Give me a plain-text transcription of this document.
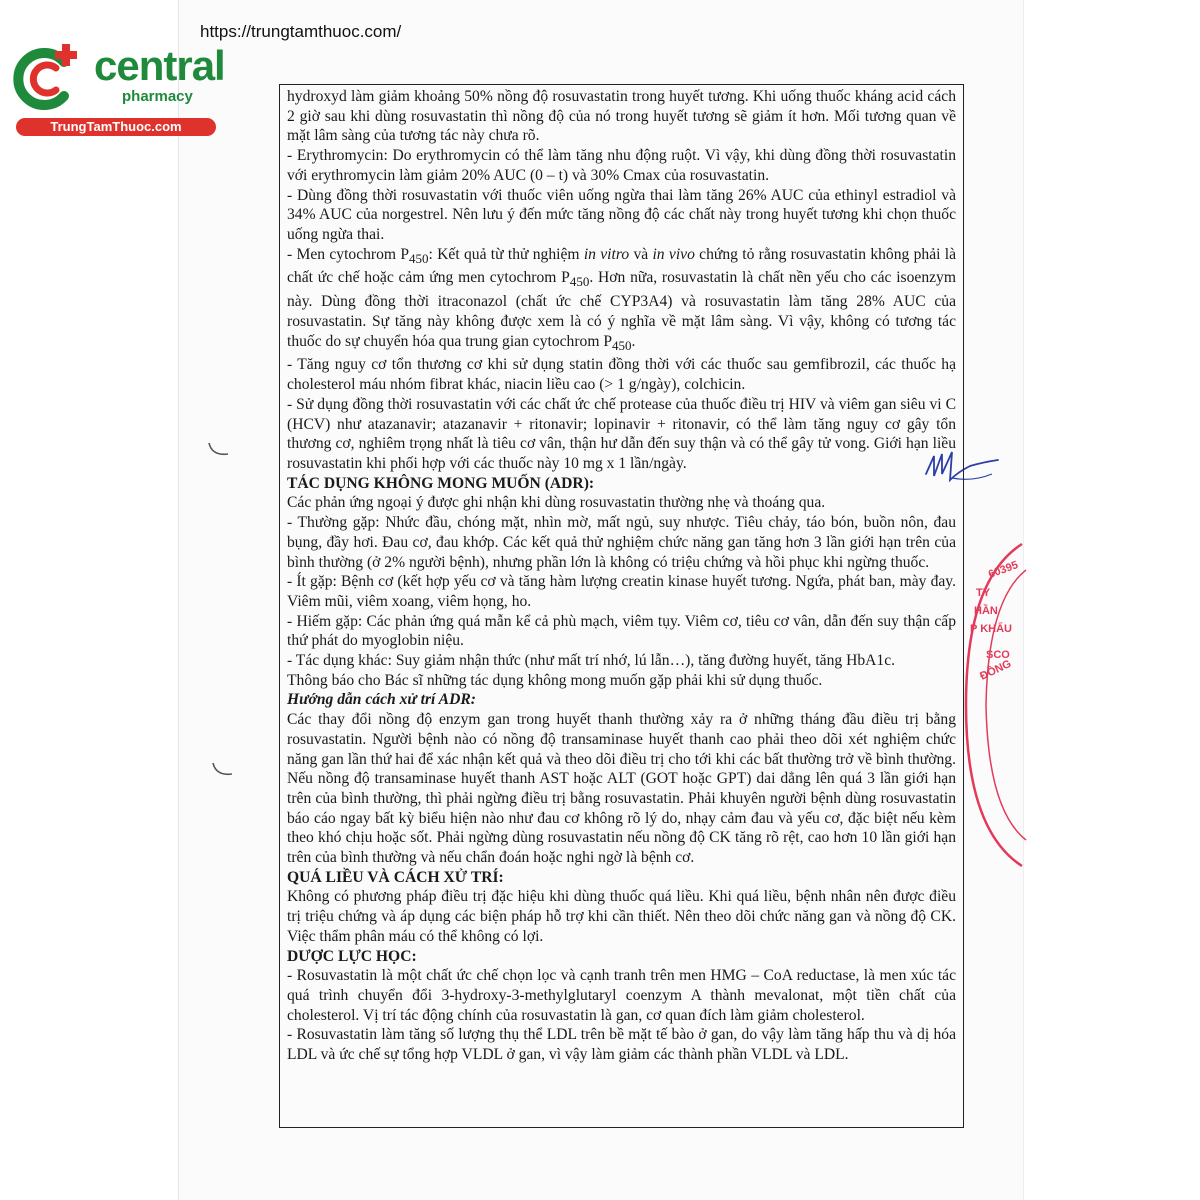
central
pharmacy
TrungTamThuoc.com
https://trungtamthuoc.com/
60395
TY
HẦN
P KHẨU
SCO
ĐỒNG

hydroxyd làm giảm khoảng 50% nồng độ rosuvastatin trong huyết tương. Khi uống thuốc kháng acid cách 2 giờ sau khi dùng rosuvastatin thì nồng độ của nó trong huyết tương sẽ giảm ít hơn. Mối tương quan về mặt lâm sàng của tương tác này chưa rõ.

- Erythromycin: Do erythromycin có thể làm tăng nhu động ruột. Vì vậy, khi dùng đồng thời rosuvastatin với erythromycin làm giảm 20% AUC (0 – t) và 30% Cmax của rosuvastatin.

- Dùng đồng thời rosuvastatin với thuốc viên uống ngừa thai làm tăng 26% AUC của ethinyl estradiol và 34% AUC của norgestrel. Nên lưu ý đến mức tăng nồng độ các chất này trong huyết tương khi chọn thuốc uống ngừa thai.

- Men cytochrom $P_{450}$: Kết quả từ thử nghiệm in vitro và in vivo chứng tỏ rằng rosuvastatin không phải là chất ức chế hoặc cảm ứng men cytochrom $P_{450}$. Hơn nữa, rosuvastatin là chất nền yếu cho các isoenzym này. Dùng đồng thời itraconazol (chất ức chế CYP3A4) và rosuvastatin làm tăng 28% AUC của rosuvastatin. Sự tăng này không được xem là có ý nghĩa về mặt lâm sàng. Vì vậy, không có tương tác thuốc do sự chuyển hóa qua trung gian cytochrom $P_{450}$.

- Tăng nguy cơ tổn thương cơ khi sử dụng statin đồng thời với các thuốc sau gemfibrozil, các thuốc hạ cholesterol máu nhóm fibrat khác, niacin liều cao (> 1 g/ngày), colchicin.

- Sử dụng đồng thời rosuvastatin với các chất ức chế protease của thuốc điều trị HIV và viêm gan siêu vi C (HCV) như atazanavir; atazanavir + ritonavir; lopinavir + ritonavir, có thể làm tăng nguy cơ gây tổn thương cơ, nghiêm trọng nhất là tiêu cơ vân, thận hư dẫn đến suy thận và có thể gây tử vong. Giới hạn liều rosuvastatin khi phối hợp với các thuốc này 10 mg x 1 lần/ngày.

TÁC DỤNG KHÔNG MONG MUỐN (ADR):

Các phản ứng ngoại ý được ghi nhận khi dùng rosuvastatin thường nhẹ và thoáng qua.

- Thường gặp: Nhức đầu, chóng mặt, nhìn mờ, mất ngủ, suy nhược. Tiêu chảy, táo bón, buồn nôn, đau bụng, đầy hơi. Đau cơ, đau khớp. Các kết quả thử nghiệm chức năng gan tăng hơn 3 lần giới hạn trên của bình thường (ở 2% người bệnh), nhưng phần lớn là không có triệu chứng và hồi phục khi ngừng thuốc.

- Ít gặp: Bệnh cơ (kết hợp yếu cơ và tăng hàm lượng creatin kinase huyết tương. Ngứa, phát ban, mày đay. Viêm mũi, viêm xoang, viêm họng, ho.

- Hiếm gặp: Các phản ứng quá mẫn kể cả phù mạch, viêm tụy. Viêm cơ, tiêu cơ vân, dẫn đến suy thận cấp thứ phát do myoglobin niệu.

- Tác dụng khác: Suy giảm nhận thức (như mất trí nhớ, lú lẫn…), tăng đường huyết, tăng HbA1c.

Thông báo cho Bác sĩ những tác dụng không mong muốn gặp phải khi sử dụng thuốc.

Hướng dẫn cách xử trí ADR:

Các thay đổi nồng độ enzym gan trong huyết thanh thường xảy ra ở những tháng đầu điều trị bằng rosuvastatin. Người bệnh nào có nồng độ transaminase huyết thanh cao phải theo dõi xét nghiệm chức năng gan lần thứ hai để xác nhận kết quả và theo dõi điều trị cho tới khi các bất thường trở về bình thường. Nếu nồng độ transaminase huyết thanh AST hoặc ALT (GOT hoặc GPT) dai dẳng lên quá 3 lần giới hạn trên của bình thường, thì phải ngừng điều trị bằng rosuvastatin. Phải khuyên người bệnh dùng rosuvastatin báo cáo ngay bất kỳ biểu hiện nào như đau cơ không rõ lý do, nhạy cảm đau và yếu cơ, đặc biệt nếu kèm theo khó chịu hoặc sốt. Phải ngừng dùng rosuvastatin nếu nồng độ CK tăng rõ rệt, cao hơn 10 lần giới hạn trên của bình thường và nếu chẩn đoán hoặc nghi ngờ là bệnh cơ.

QUÁ LIỀU VÀ CÁCH XỬ TRÍ:

Không có phương pháp điều trị đặc hiệu khi dùng thuốc quá liều. Khi quá liều, bệnh nhân nên được điều trị triệu chứng và áp dụng các biện pháp hỗ trợ khi cần thiết. Nên theo dõi chức năng gan và nồng độ CK. Việc thẩm phân máu có thể không có lợi.

DƯỢC LỰC HỌC:

- Rosuvastatin là một chất ức chế chọn lọc và cạnh tranh trên men HMG – CoA reductase, là men xúc tác quá trình chuyển đổi 3-hydroxy-3-methylglutaryl coenzym A thành mevalonat, một tiền chất của cholesterol. Vị trí tác động chính của rosuvastatin là gan, cơ quan đích làm giảm cholesterol.

- Rosuvastatin làm tăng số lượng thụ thể LDL trên bề mặt tế bào ở gan, do vậy làm tăng hấp thu và dị hóa LDL và ức chế sự tổng hợp VLDL ở gan, vì vậy làm giảm các thành phần VLDL và LDL.
